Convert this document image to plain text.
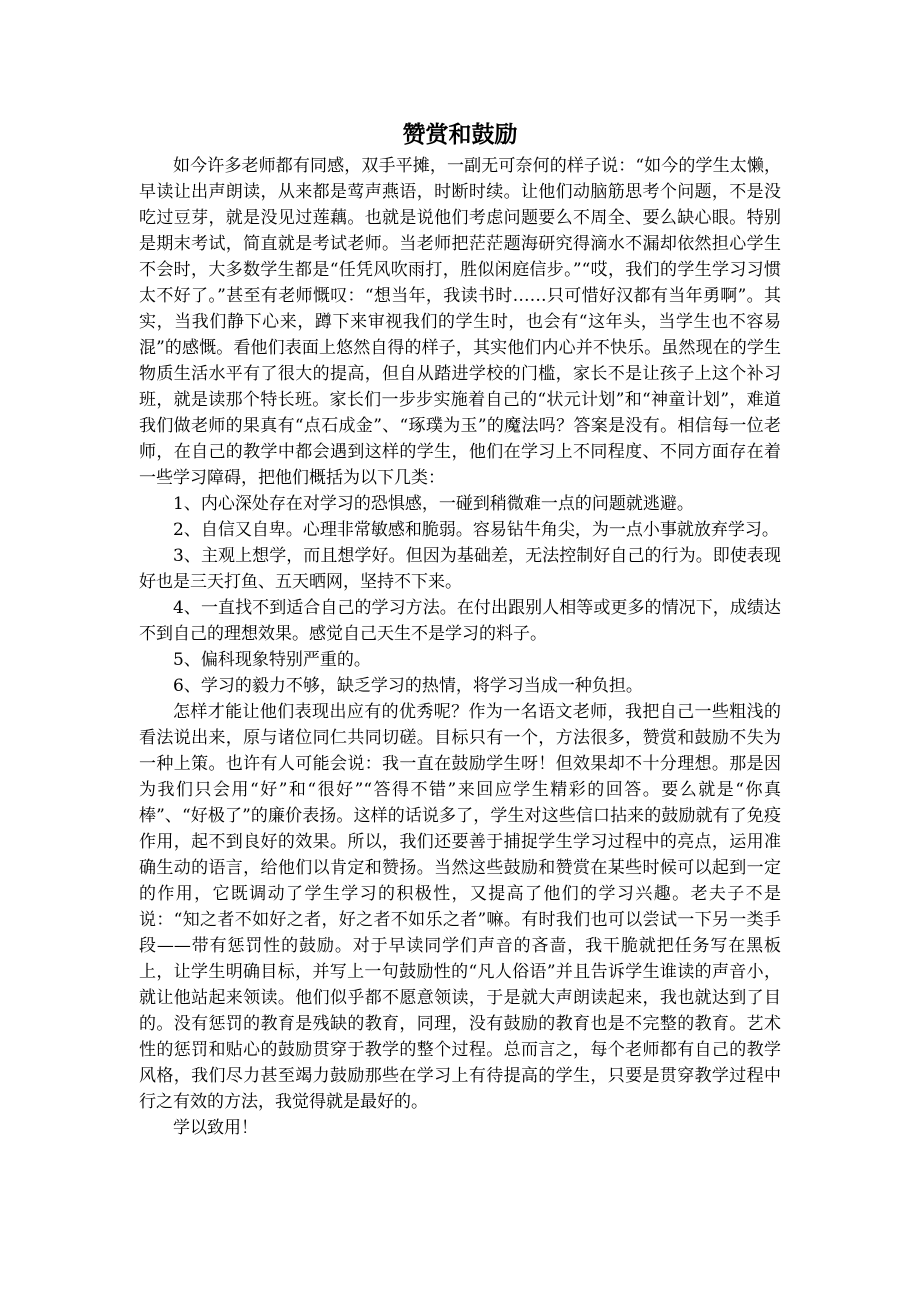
赞赏和鼓励

如今许多老师都有同感，双手平摊，一副无可奈何的样子说：“如今的学生太懒，早读让出声朗读，从来都是莺声燕语，时断时续。让他们动脑筋思考个问题，不是没吃过豆芽，就是没见过莲藕。也就是说他们考虑问题要么不周全、要么缺心眼。特别是期末考试，简直就是考试老师。当老师把茫茫题海研究得滴水不漏却依然担心学生不会时，大多数学生都是“任凭风吹雨打，胜似闲庭信步。”“哎，我们的学生学习习惯太不好了。”甚至有老师慨叹：“想当年，我读书时……只可惜好汉都有当年勇啊”。其实，当我们静下心来，蹲下来审视我们的学生时，也会有“这年头，当学生也不容易混”的感慨。看他们表面上悠然自得的样子，其实他们内心并不快乐。虽然现在的学生物质生活水平有了很大的提高，但自从踏进学校的门槛，家长不是让孩子上这个补习班，就是读那个特长班。家长们一步步实施着自己的“状元计划”和“神童计划”，难道我们做老师的果真有“点石成金”、“琢璞为玉”的魔法吗？答案是没有。相信每一位老师，在自己的教学中都会遇到这样的学生，他们在学习上不同程度、不同方面存在着一些学习障碍，把他们概括为以下几类：

1、内心深处存在对学习的恐惧感，一碰到稍微难一点的问题就逃避。

2、自信又自卑。心理非常敏感和脆弱。容易钻牛角尖，为一点小事就放弃学习。

3、主观上想学，而且想学好。但因为基础差，无法控制好自己的行为。即使表现好也是三天打鱼、五天晒网，坚持不下来。

4、一直找不到适合自己的学习方法。在付出跟别人相等或更多的情况下，成绩达不到自己的理想效果。感觉自己天生不是学习的料子。

5、偏科现象特别严重的。

6、学习的毅力不够，缺乏学习的热情，将学习当成一种负担。

怎样才能让他们表现出应有的优秀呢？作为一名语文老师，我把自己一些粗浅的看法说出来，原与诸位同仁共同切磋。目标只有一个，方法很多，赞赏和鼓励不失为一种上策。也许有人可能会说：我一直在鼓励学生呀！但效果却不十分理想。那是因为我们只会用“好”和“很好”“答得不错”来回应学生精彩的回答。要么就是“你真棒”、“好极了”的廉价表扬。这样的话说多了，学生对这些信口拈来的鼓励就有了免疫作用，起不到良好的效果。所以，我们还要善于捕捉学生学习过程中的亮点，运用准确生动的语言，给他们以肯定和赞扬。当然这些鼓励和赞赏在某些时候可以起到一定的作用，它既调动了学生学习的积极性，又提高了他们的学习兴趣。老夫子不是说：“知之者不如好之者，好之者不如乐之者”嘛。有时我们也可以尝试一下另一类手段——带有惩罚性的鼓励。对于早读同学们声音的吝啬，我干脆就把任务写在黑板上，让学生明确目标，并写上一句鼓励性的“凡人俗语”并且告诉学生谁读的声音小，就让他站起来领读。他们似乎都不愿意领读，于是就大声朗读起来，我也就达到了目的。没有惩罚的教育是残缺的教育，同理，没有鼓励的教育也是不完整的教育。艺术性的惩罚和贴心的鼓励贯穿于教学的整个过程。总而言之，每个老师都有自己的教学风格，我们尽力甚至竭力鼓励那些在学习上有待提高的学生，只要是贯穿教学过程中行之有效的方法，我觉得就是最好的。

学以致用！
